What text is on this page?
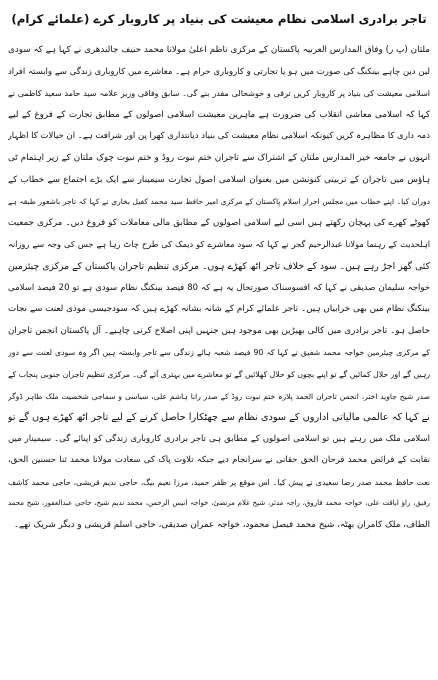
تاجر برادری اسلامی نظام معیشت کی بنیاد پر کاروبار کرے (علمائے کرام)
ملتان (پ ر) وفاق المدارس العربیہ پاکستان کے مرکزی ناظم اعلیٰ مولانا محمد حنیف جالندھری نے کہا ہے کہ سودی
لین دین چاہے بینکنگ کی صورت میں ہو یا تجارتی و کاروباری حرام ہے۔ معاشرے میں کاروباری زندگی سے وابستہ افراد
اسلامی معیشت کی بنیاد پر کاروبار کریں ترقی و خوشحالی مقدر بنے گی۔ سابق وفاقی وزیر علامہ سید حامد سعید کاظمی نے
کہا کہ اسلامی معاشی انقلاب کی ضرورت ہے ماہرین معیشت اسلامی اصولوں کے مطابق تجارت کے فروغ کے لیے
ذمہ داری کا مظاہرہ کریں کیونکہ اسلامی نظام معیشت کی بنیاد دیانتداری کھرا پن اور شرافت ہے۔ ان خیالات کا اظہار
انہوں نے جامعہ خیر المدارس ملتان کے اشتراک سے تاجران ختم نبوت روڈ و ختم نبوت چوک ملتان کے زیر اہتمام ٹی
ہاؤس میں تاجران کے تربیتی کنونشن میں بعنوان اسلامی اصول تجارت سیمینار سے ایک بڑے اجتماع سے خطاب کے
دوران کیا۔ اپنے خطاب میں مجلس احرار اسلام پاکستان کے مرکزی امیر حافظ سید محمد کفیل بخاری نے کہا کہ تاجر باشعور طبقہ ہے
کھوٹے کھرے کی پہچان رکھتے ہیں اسی لیے اسلامی اصولوں کے مطابق مالی معاملات کو فروغ دیں۔ مرکزی جمعیت
اہلحدیث کے رہنما مولانا عبدالرحیم گجر نے کہا کہ سود معاشرے کو دیمک کی طرح چاٹ رہا ہے جس کی وجہ سے روزانہ
کئی گھر اجڑ رہے ہیں۔ سود کے خلاف تاجر اٹھ کھڑے ہوں۔ مرکزی تنظیم تاجران پاکستان کے مرکزی چیئرمین
خواجہ سلیمان صدیقی نے کہا کہ افسوسناک صورتحال یہ ہے کہ 80 فیصد بینکنگ نظام سودی ہے تو 20 فیصد اسلامی
بینکنگ نظام میں بھی خرابیاں ہیں۔ تاجر علمائے کرام کے شانہ بشانہ کھڑے ہیں کہ سودجیسی موذی لعنت سے نجات
حاصل ہو۔ تاجر برادری میں کالی بھیڑیں بھی موجود ہیں جنہیں اپنی اصلاح کرنی چاہیے۔ آل پاکستان انجمن تاجران
کے مرکزی چیئرمین خواجہ محمد شفیق نے کہا کہ 90 فیصد شعبہ ہائے زندگی سے تاجر وابستہ ہیں اگر وہ سودی لعنت سے دور
رہیں گے اور حلال کمائیں گے تو اپنے بچوں کو حلال کھلائیں گے تو معاشرے میں بہتری آئے گی۔ مرکزی تنظیم تاجران جنوبی پنجاب کے
صدر شیخ جاوید اختر، انجمن تاجران الحمد پلازہ ختم نبوت روڈ کے صدر رانا ہاشم علی، سیاسی و سماجی شخصیت ملک طاہر ڈوگر
نے کہا کہ عالمی مالیاتی اداروں کے سودی نظام سے چھٹکارا حاصل کرنے کے لیے تاجر اٹھ کھڑے ہوں گے تو
اسلامی ملک میں رہتے ہیں تو اسلامی اصولوں کے مطابق ہی تاجر برادری کاروباری زندگی کو اپنائے گی۔ سیمینار میں
نقابت کے فرائض محمد فرحان الحق حقانی نے سرانجام دیے جبکہ تلاوت پاک کی سعادت مولانا محمد ثنا حسنین الحق،
نعت حافظ محمد صدر رضا سعیدی نے پیش کیا۔ اس موقع پر ظفر حمید، مرزا نعیم بیگ، حاجی ندیم قریشی، حاجی محمد کاشف
رفیق، راؤ ایاقت علی، خواجہ محمد فاروق، راجہ مدثر، شیخ غلام مرتضیٰ، خواجہ انیس الرحمن، محمد ندیم شیخ، حاجی عبدالغفور، شیخ محمد
الطاف، ملک کامران بھٹہ، شیخ محمد فیصل محمود، خواجہ عمران صدیقی، حاجی اسلم قریشی و دیگر شریک تھے۔
